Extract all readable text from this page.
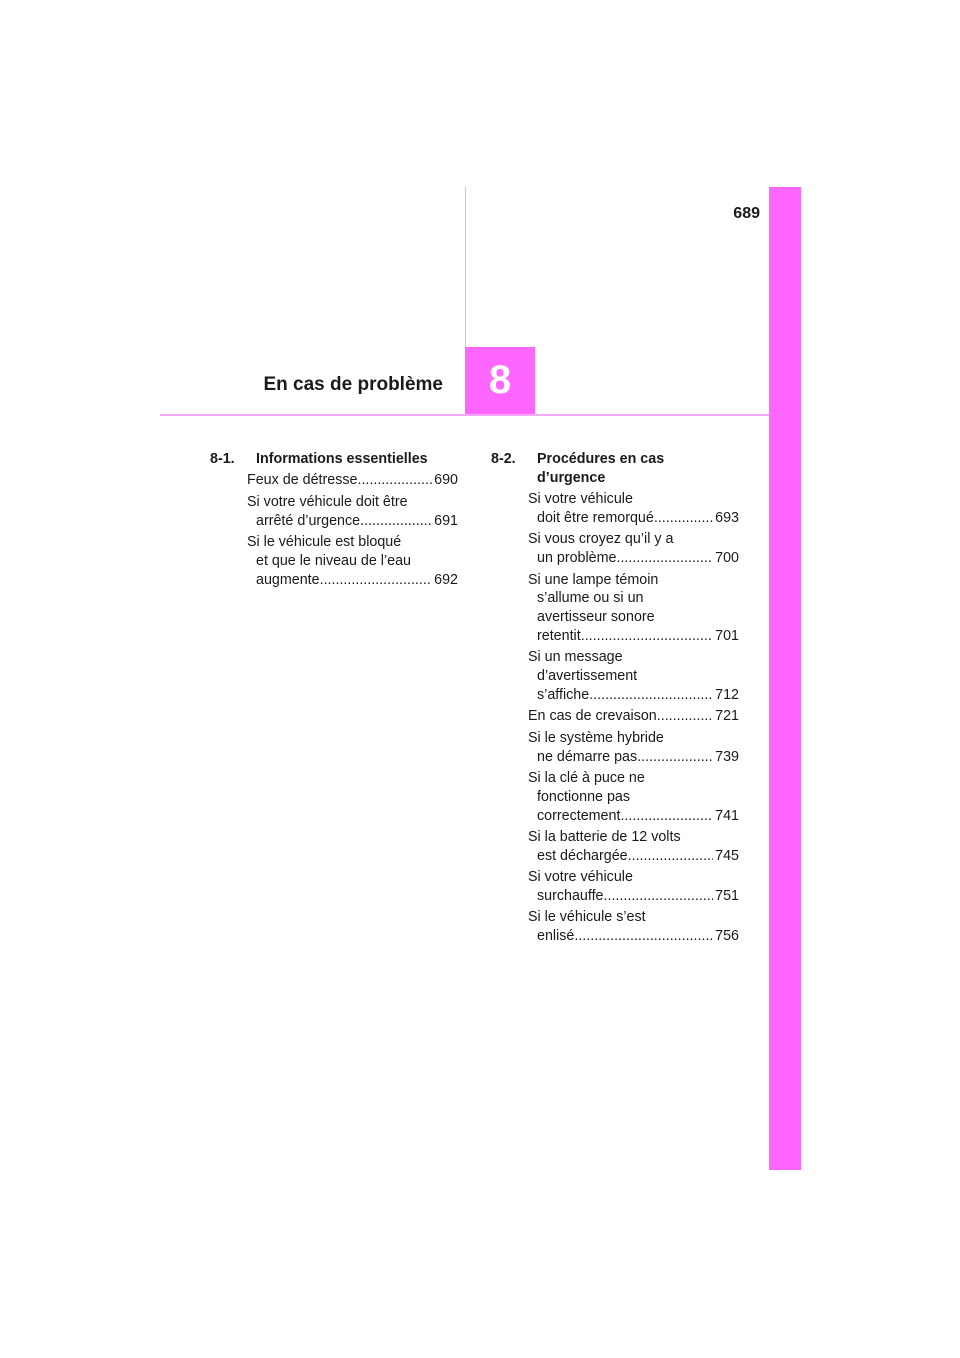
689
En cas de problème	8
8-1.	Informations essentielles
Feux de détresse .....	690
Si votre véhicule doit être
arrêté d’urgence .....	691
Si le véhicule est bloqué
et que le niveau de l’eau
augmente .....	692
8-2.	Procédures en cas
d’urgence
Si votre véhicule
doit être remorqué .....	693
Si vous croyez qu’il y a
un problème .....	700
Si une lampe témoin
s’allume ou si un
avertisseur sonore
retentit .....	701
Si un message
d’avertissement
s’affiche .....	712
En cas de crevaison .....	721
Si le système hybride
ne démarre pas .....	739
Si la clé à puce ne
fonctionne pas
correctement .....	741
Si la batterie de 12 volts
est déchargée .....	745
Si votre véhicule
surchauffe .....	751
Si le véhicule s’est
enlisé .....	756
